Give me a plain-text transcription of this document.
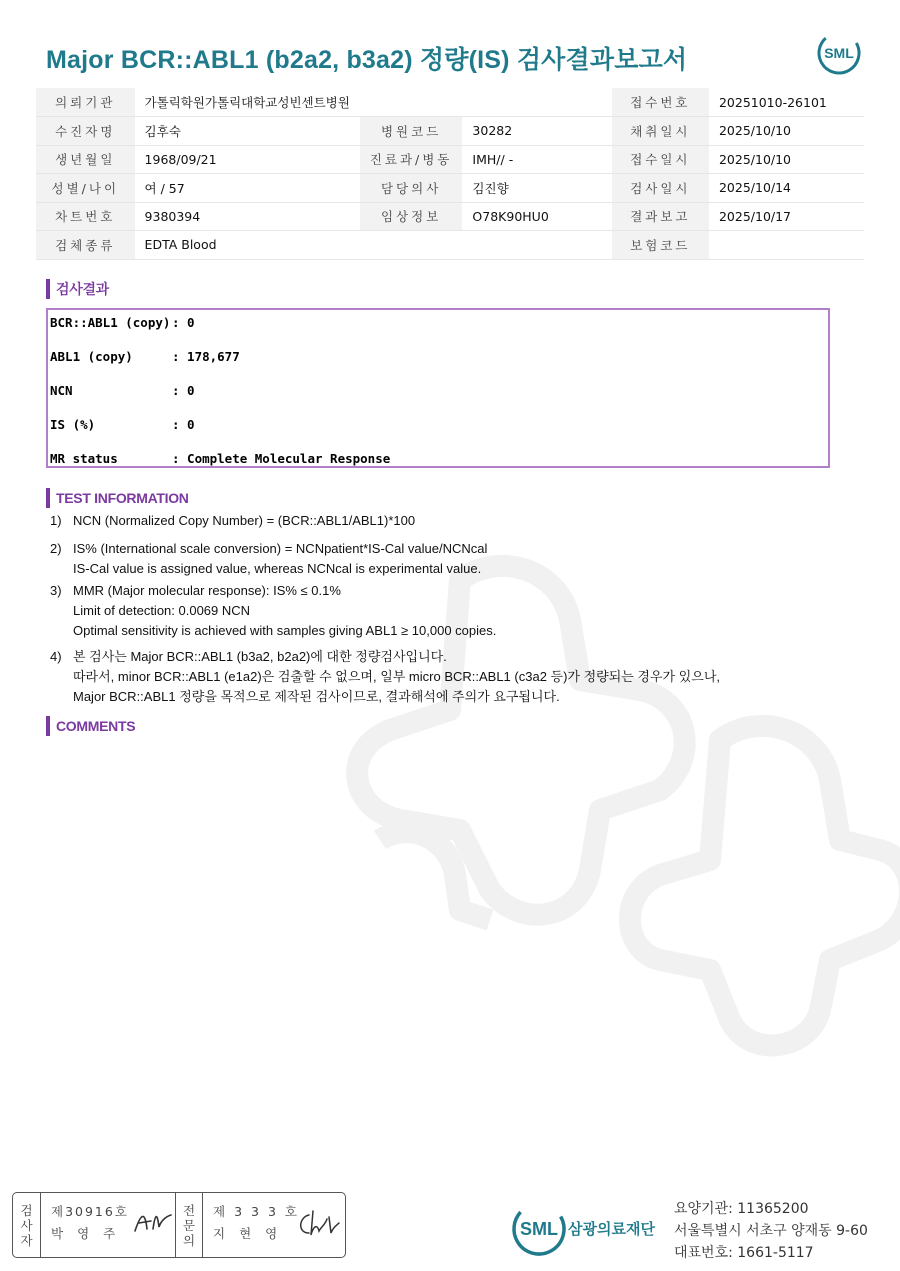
Major BCR::ABL1 (b2a2, b3a2) 정량(IS) 검사결과보고서	SML
의뢰기관	가톨릭학원가톨릭대학교성빈센트병원			접수번호	20251010-26101
수진자명	김후숙	병원코드	30282	채취일시	2025/10/10
생년월일	1968/09/21	진료과/병동	IMH// -	접수일시	2025/10/10
성별/나이	여 / 57	담당의사	김진향	검사일시	2025/10/14
차트번호	9380394	임상정보	O78K90HU0	결과보고	2025/10/17
검체종류	EDTA Blood			보험코드	
검사결과
BCR::ABL1 (copy) : 0
ABL1 (copy)	: 178,677
NCN	: 0
IS (%)	: 0
MR status	: Complete Molecular Response
TEST INFORMATION
1) NCN (Normalized Copy Number) = (BCR::ABL1/ABL1)*100
2) IS% (International scale conversion) = NCNpatient*IS-Cal value/NCNcal
IS-Cal value is assigned value, whereas NCNcal is experimental value.
3) MMR (Major molecular response): IS% ≤ 0.1%
Limit of detection: 0.0069 NCN
Optimal sensitivity is achieved with samples giving ABL1 ≥ 10,000 copies.
4) 본 검사는 Major BCR::ABL1 (b3a2, b2a2)에 대한 정량검사입니다.
따라서, minor BCR::ABL1 (e1a2)은 검출할 수 없으며, 일부 micro BCR::ABL1 (c3a2 등)가 정량되는 경우가 있으나,
Major BCR::ABL1 정량을 목적으로 제작된 검사이므로, 결과해석에 주의가 요구됩니다.
COMMENTS
검
사
자
제30916호
박영주
전
문
의
제333호
지현영	SML 삼광의료재단
요양기관: 11365200
서울특별시 서초구 양재동 9-60
대표번호: 1661-5117
